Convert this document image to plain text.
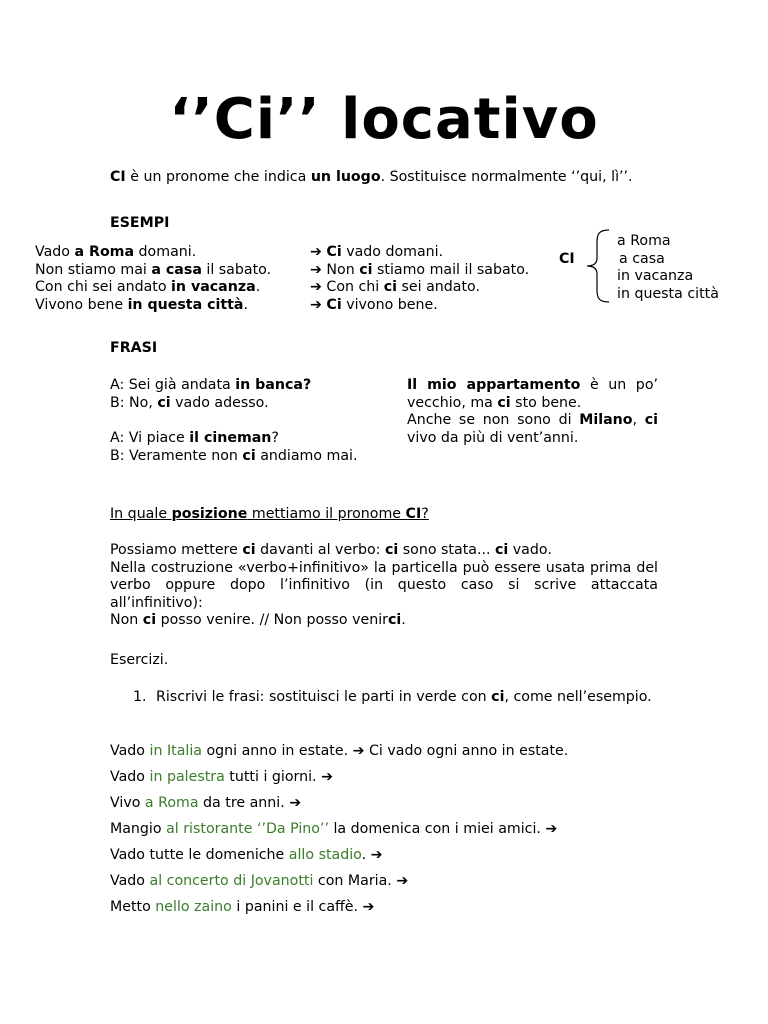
‘’Ci’’ locativo
CI è un pronome che indica un luogo. Sostituisce normalmente ‘’qui, lì’’.
ESEMPI
Vado a Roma domani.
Non stiamo mai a casa il sabato.
Con chi sei andato in vacanza.
Vivono bene in questa città.
➔ Ci vado domani.
➔ Non ci stiamo mail il sabato.
➔ Con chi ci sei andato.
➔ Ci vivono bene.
CI
a Roma
a casa
in vacanza
in questa città
FRASI
A: Sei già andata in banca?
B: No, ci vado adesso.
A: Vi piace il cineman?
B: Veramente non ci andiamo mai.
Il mio appartamento è un po’ vecchio, ma ci sto bene.
Anche se non sono di Milano, ci vivo da più di vent’anni.
In quale posizione mettiamo il pronome CI?
Possiamo mettere ci davanti al verbo: ci sono stata... ci vado.
Nella costruzione «verbo+infinitivo» la particella può essere usata prima del verbo oppure dopo l’infinitivo (in questo caso si scrive attaccata all’infinitivo):
Non ci posso venire. // Non posso venirci.
Esercizi.
1. Riscrivi le frasi: sostituisci le parti in verde con ci, come nell’esempio.
Vado in Italia ogni anno in estate. ➔ Ci vado ogni anno in estate.
Vado in palestra tutti i giorni. ➔
Vivo a Roma da tre anni. ➔
Mangio al ristorante ‘’Da Pino’’ la domenica con i miei amici. ➔
Vado tutte le domeniche allo stadio. ➔
Vado al concerto di Jovanotti con Maria. ➔
Metto nello zaino i panini e il caffè. ➔
